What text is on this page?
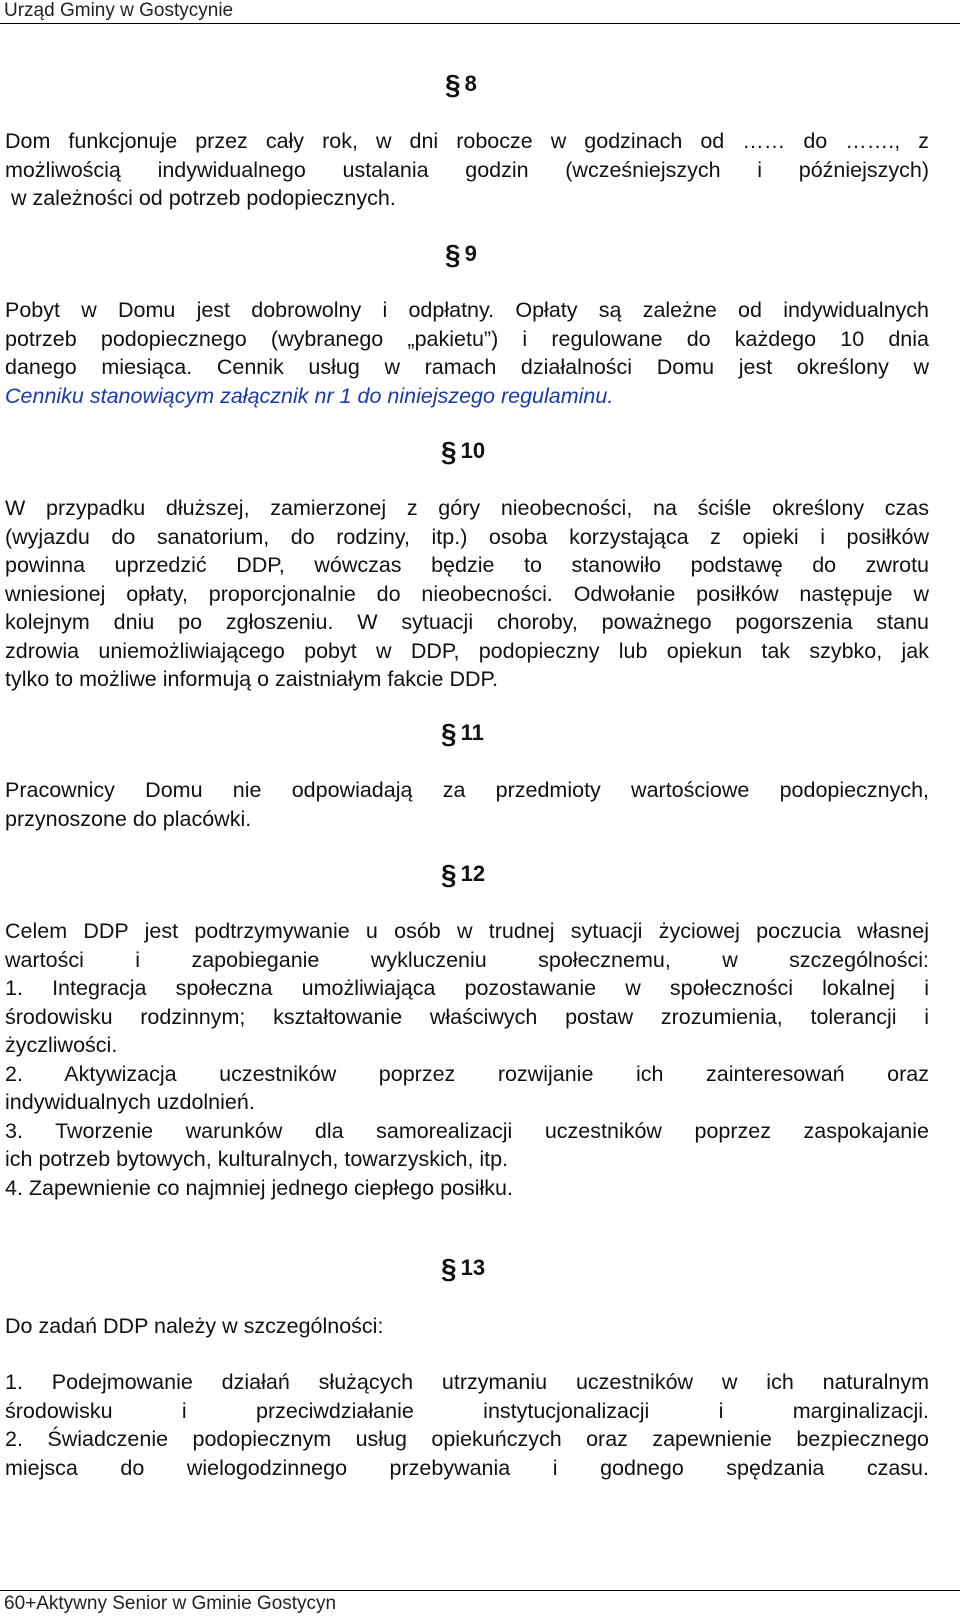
Urząd Gminy w Gostycynie
§ 8

Dom funkcjonuje przez cały rok, w dni robocze w godzinach od …… do ……., z
możliwością indywidualnego ustalania godzin (wcześniejszych i późniejszych)
w zależności od potrzeb podopiecznych.

§ 9

Pobyt w Domu jest dobrowolny i odpłatny. Opłaty są zależne od indywidualnych
potrzeb podopiecznego (wybranego „pakietu”) i regulowane do każdego 10 dnia
danego miesiąca. Cennik usług w ramach działalności Domu jest określony w
Cenniku stanowiącym załącznik nr 1 do niniejszego regulaminu.

§ 10

W przypadku dłuższej, zamierzonej z góry nieobecności, na ściśle określony czas
(wyjazdu do sanatorium, do rodziny, itp.) osoba korzystająca z opieki i posiłków
powinna uprzedzić DDP, wówczas będzie to stanowiło podstawę do zwrotu
wniesionej opłaty, proporcjonalnie do nieobecności. Odwołanie posiłków następuje w
kolejnym dniu po zgłoszeniu. W sytuacji choroby, poważnego pogorszenia stanu
zdrowia uniemożliwiającego pobyt w DDP, podopieczny lub opiekun tak szybko, jak
tylko to możliwe informują o zaistniałym fakcie DDP.

§ 11

Pracownicy Domu nie odpowiadają za przedmioty wartościowe podopiecznych,
przynoszone do placówki.

§ 12

Celem DDP jest podtrzymywanie u osób w trudnej sytuacji życiowej poczucia własnej
wartości i zapobieganie wykluczeniu społecznemu, w szczególności:
1. Integracja społeczna umożliwiająca pozostawanie w społeczności lokalnej i
środowisku rodzinnym; kształtowanie właściwych postaw zrozumienia, tolerancji i
życzliwości.
2. Aktywizacja uczestników poprzez rozwijanie ich zainteresowań oraz
indywidualnych uzdolnień.
3. Tworzenie warunków dla samorealizacji uczestników poprzez zaspokajanie
ich potrzeb bytowych, kulturalnych, towarzyskich, itp.
4. Zapewnienie co najmniej jednego ciepłego posiłku.

§ 13

Do zadań DDP należy w szczególności:

1. Podejmowanie działań służących utrzymaniu uczestników w ich naturalnym
środowisku i przeciwdziałanie instytucjonalizacji i marginalizacji.
2. Świadczenie podopiecznym usług opiekuńczych oraz zapewnienie bezpiecznego
miejsca do wielogodzinnego przebywania i godnego spędzania czasu.

60+Aktywny Senior w Gminie Gostycyn
